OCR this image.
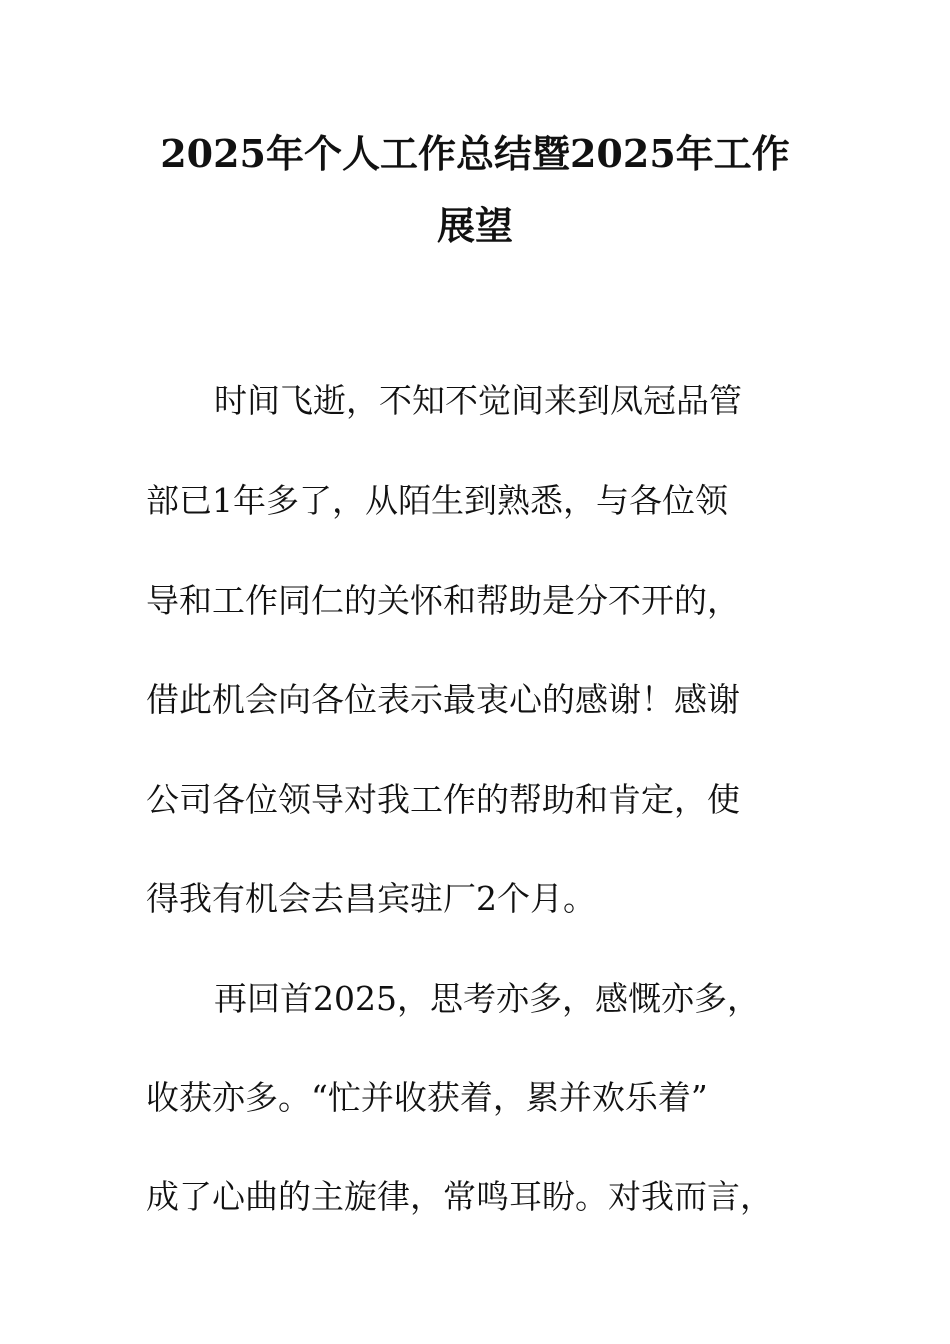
2025年个人工作总结暨2025年工作
展望
时间飞逝，不知不觉间来到凤冠品管
部已1年多了，从陌生到熟悉，与各位领
导和工作同仁的关怀和帮助是分不开的，
借此机会向各位表示最衷心的感谢！感谢
公司各位领导对我工作的帮助和肯定，使
得我有机会去昌宾驻厂2个月。
再回首2025，思考亦多，感慨亦多，
收获亦多。“忙并收获着，累并欢乐着”
成了心曲的主旋律，常鸣耳盼。对我而言，
